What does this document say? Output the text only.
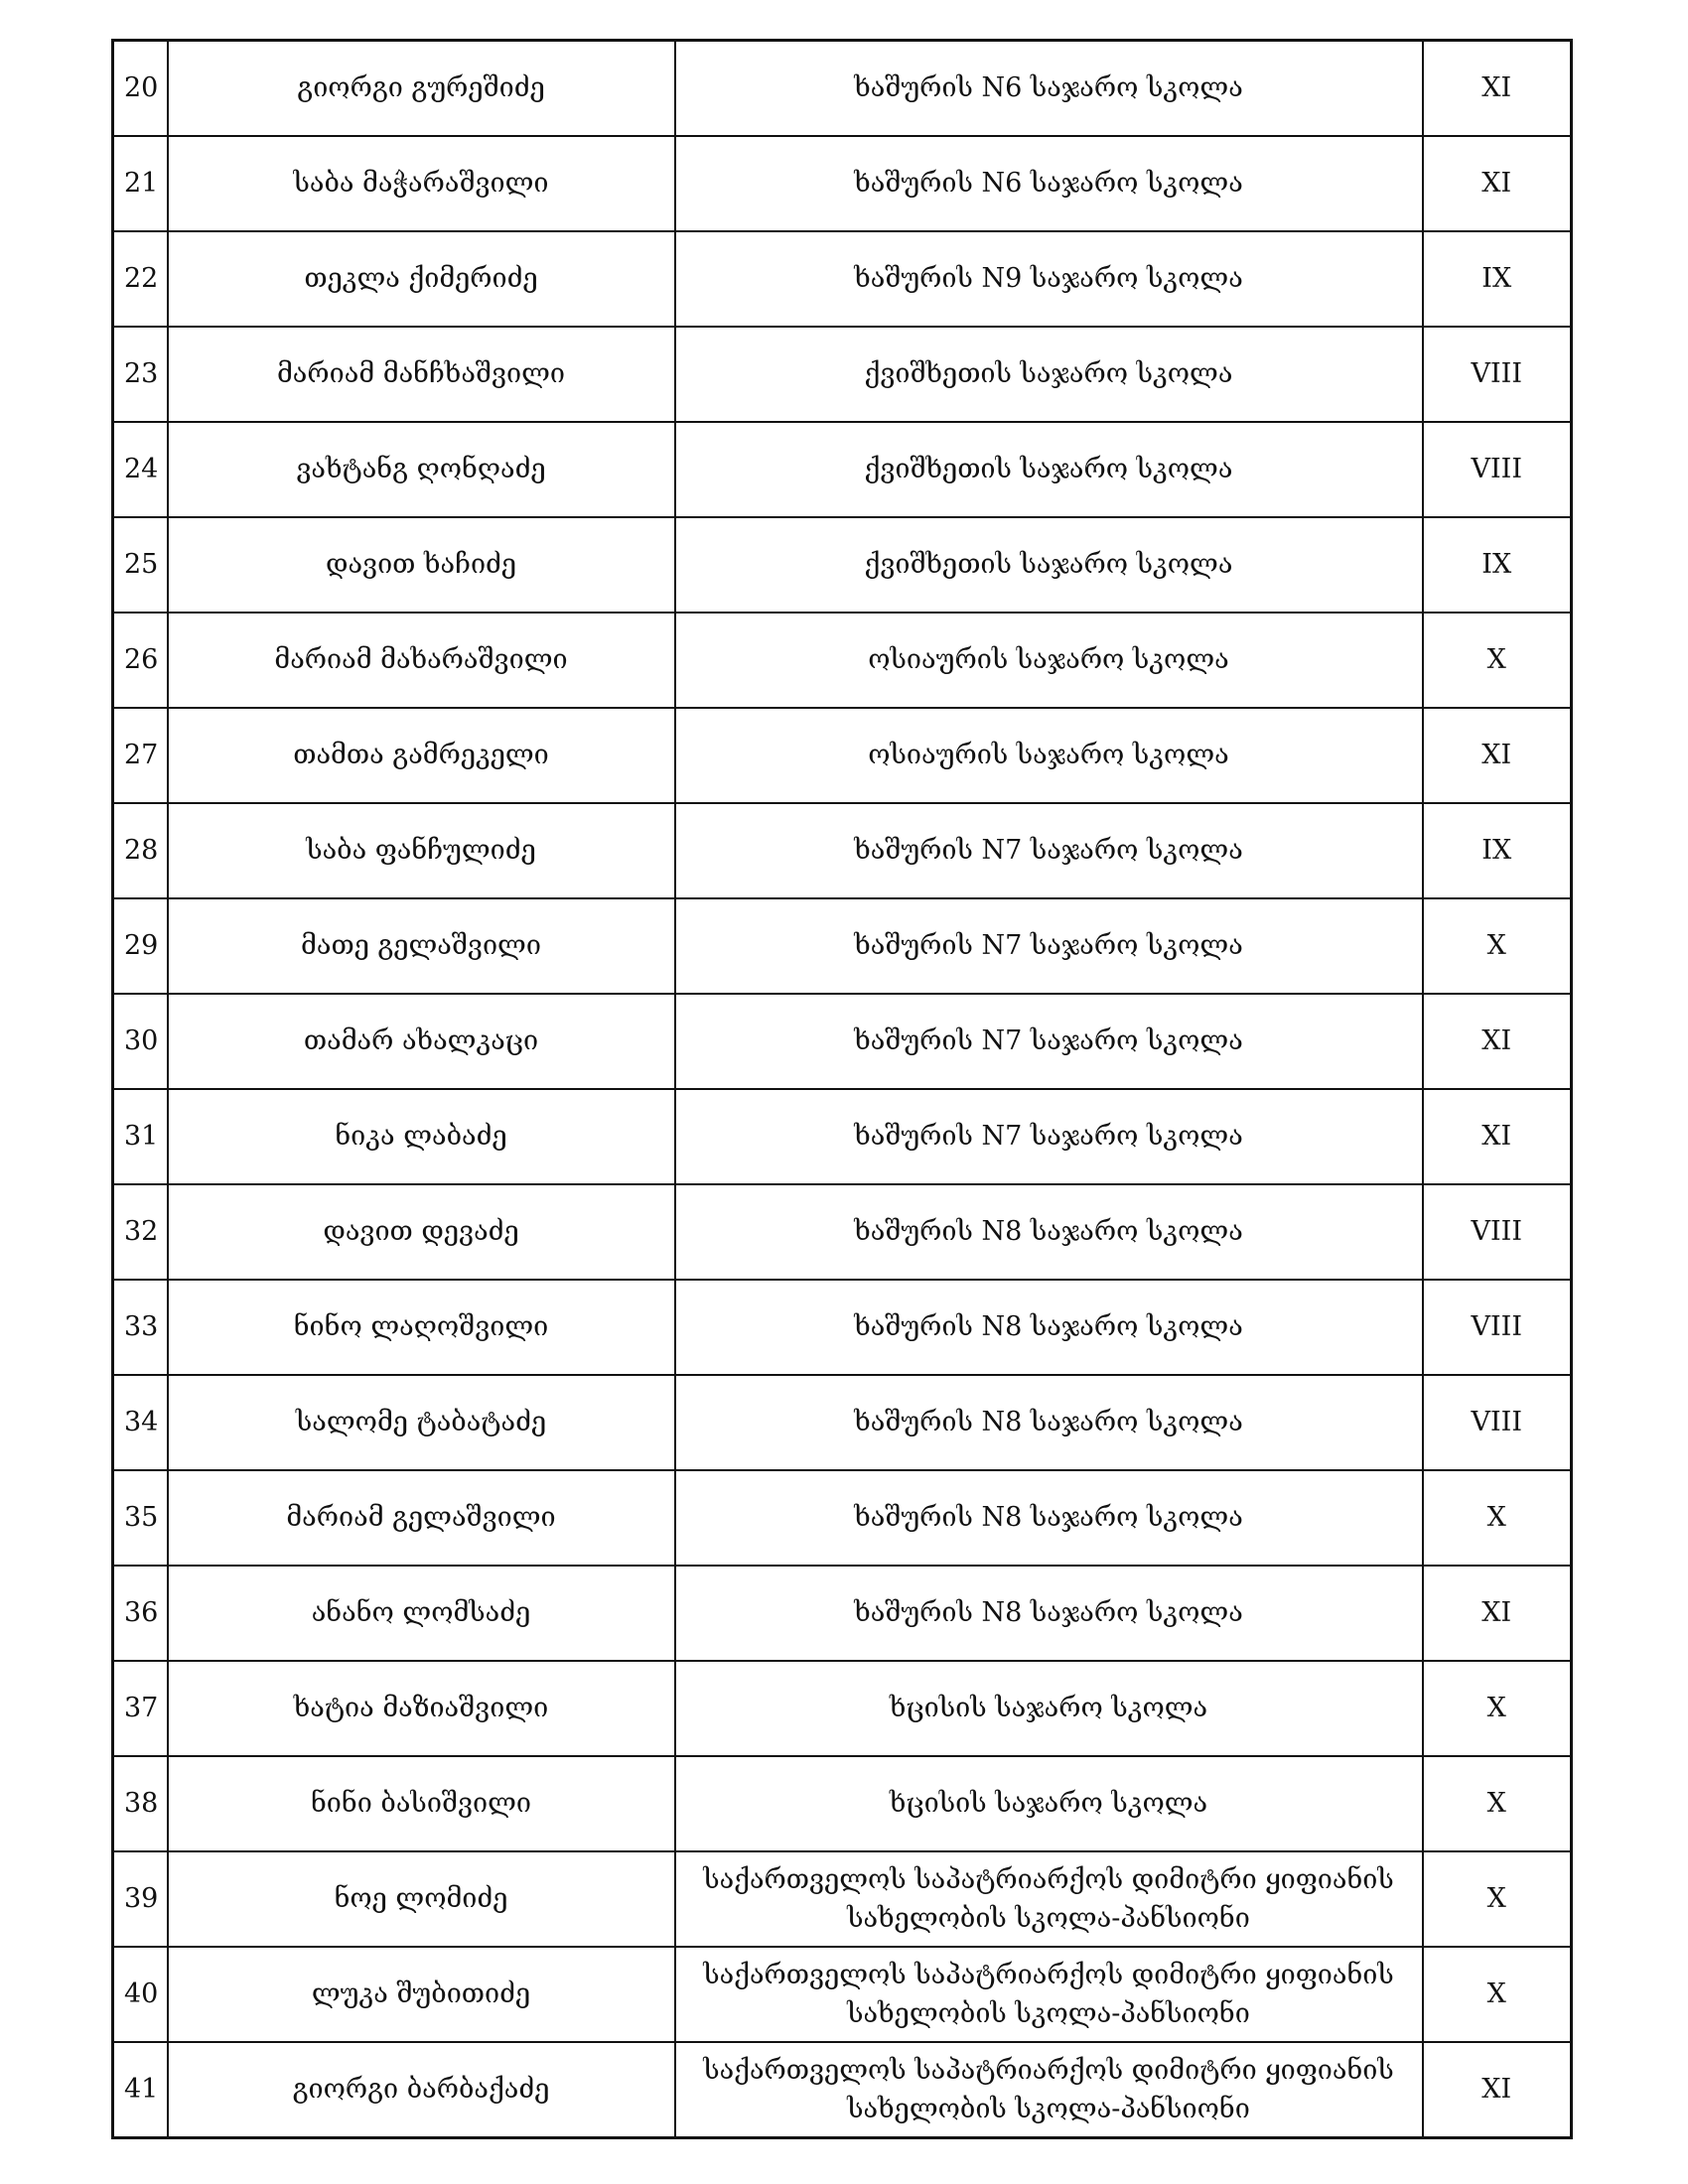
20	გიორგი გურეშიძე	ხაშურის N6 საჯარო სკოლა	XI
21	საბა მაჭარაშვილი	ხაშურის N6 საჯარო სკოლა	XI
22	თეკლა ქიმერიძე	ხაშურის N9 საჯარო სკოლა	IX
23	მარიამ მანჩხაშვილი	ქვიშხეთის საჯარო სკოლა	VIII
24	ვახტანგ ღონღაძე	ქვიშხეთის საჯარო სკოლა	VIII
25	დავით ხაჩიძე	ქვიშხეთის საჯარო სკოლა	IX
26	მარიამ მახარაშვილი	ოსიაურის საჯარო სკოლა	X
27	თამთა გამრეკელი	ოსიაურის საჯარო სკოლა	XI
28	საბა ფანჩულიძე	ხაშურის N7 საჯარო სკოლა	IX
29	მათე გელაშვილი	ხაშურის N7 საჯარო სკოლა	X
30	თამარ ახალკაცი	ხაშურის N7 საჯარო სკოლა	XI
31	ნიკა ლაბაძე	ხაშურის N7 საჯარო სკოლა	XI
32	დავით დევაძე	ხაშურის N8 საჯარო სკოლა	VIII
33	ნინო ლაღოშვილი	ხაშურის N8 საჯარო სკოლა	VIII
34	სალომე ტაბატაძე	ხაშურის N8 საჯარო სკოლა	VIII
35	მარიამ გელაშვილი	ხაშურის N8 საჯარო სკოლა	X
36	ანანო ლომსაძე	ხაშურის N8 საჯარო სკოლა	XI
37	ხატია მაზიაშვილი	ხცისის საჯარო სკოლა	X
38	ნინი ბასიშვილი	ხცისის საჯარო სკოლა	X
39	ნოე ლომიძე	საქართველოს საპატრიარქოს დიმიტრი ყიფიანის სახელობის სკოლა-პანსიონი	X
40	ლუკა შუბითიძე	საქართველოს საპატრიარქოს დიმიტრი ყიფიანის სახელობის სკოლა-პანსიონი	X
41	გიორგი ბარბაქაძე	საქართველოს საპატრიარქოს დიმიტრი ყიფიანის სახელობის სკოლა-პანსიონი	XI
